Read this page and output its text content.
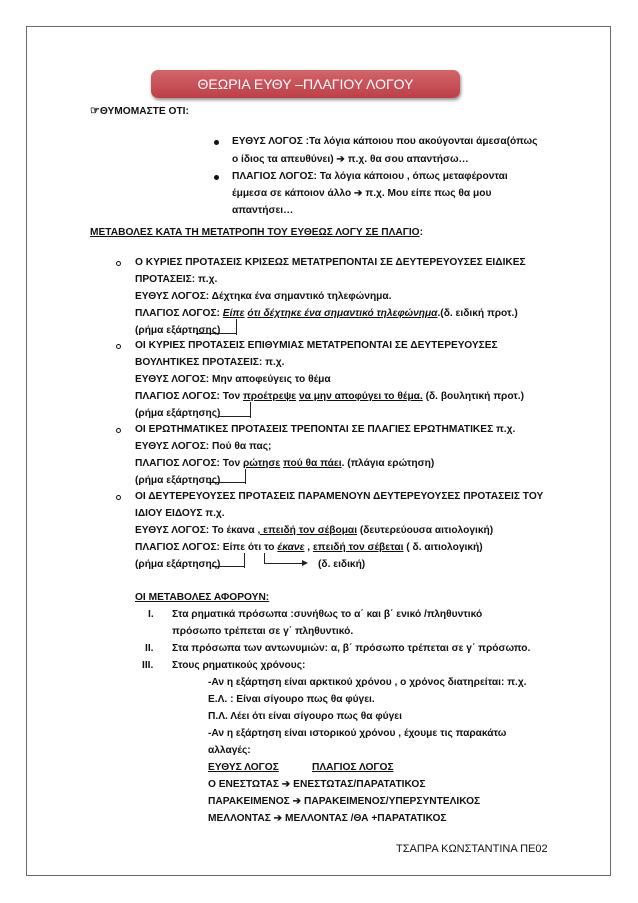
ΘΕΩΡΙΑ ΕΥΘΥ –ΠΛΑΓΙΟΥ ΛΟΓΟΥ
☞ΘΥΜΟΜΑΣΤΕ ΟΤΙ:
ΕΥΘΥΣ ΛΟΓΟΣ :Τα λόγια κάποιου που ακούγονται άμεσα(όπως
ο ίδιος τα απευθύνει) ➔ π.χ. θα σου απαντήσω…
ΠΛΑΓΙΟΣ ΛΟΓΟΣ: Τα λόγια κάποιου , όπως μεταφέρονται
έμμεσα σε κάποιον άλλο ➔ π.χ. Μου είπε πως θα μου
απαντήσει…
ΜΕΤΑΒΟΛΕΣ ΚΑΤΑ ΤΗ ΜΕΤΑΤΡΟΠΗ ΤΟΥ ΕΥΘΕΩΣ ΛΟΓΥ ΣΕ ΠΛΑΓΙΟ:
Ο ΚΥΡΙΕΣ ΠΡΟΤΑΣΕΙΣ ΚΡΙΣΕΩΣ ΜΕΤΑΤΡΕΠΟΝΤΑΙ ΣΕ ΔΕΥΤΕΡΕΥΟΥΣΕΣ ΕΙΔΙΚΕΣ
ΠΡΟΤΑΣΕΙΣ: π.χ.
ΕΥΘΥΣ ΛΟΓΟΣ: Δέχτηκα ένα σημαντικό τηλεφώνημα.
ΠΛΑΓΙΟΣ ΛΟΓΟΣ: Είπε ότι δέχτηκε ένα σημαντικό τηλεφώνημα.(δ. ειδική προτ.)
(ρήμα εξάρτησης)
ΟΙ ΚΥΡΙΕΣ ΠΡΟΤΑΣΕΙΣ ΕΠΙΘΥΜΙΑΣ ΜΕΤΑΤΡΕΠΟΝΤΑΙ ΣΕ ΔΕΥΤΕΡΕΥΟΥΣΕΣ
ΒΟΥΛΗΤΙΚΕΣ ΠΡΟΤΑΣΕΙΣ: π.χ.
ΕΥΘΥΣ ΛΟΓΟΣ: Μην αποφεύγεις το θέμα
ΠΛΑΓΙΟΣ ΛΟΓΟΣ: Τον προέτρεψε να μην αποφύγει το θέμα. (δ. βουλητική προτ.)
(ρήμα εξάρτησης)
ΟΙ ΕΡΩΤΗΜΑΤΙΚΕΣ ΠΡΟΤΑΣΕΙΣ ΤΡΕΠΟΝΤΑΙ ΣΕ ΠΛΑΓΙΕΣ ΕΡΩΤΗΜΑΤΙΚΕΣ π.χ.
ΕΥΘΥΣ ΛΟΓΟΣ: Πού θα πας;
ΠΛΑΓΙΟΣ ΛΟΓΟΣ: Τον ρώτησε πού θα πάει. (πλάγια ερώτηση)
(ρήμα εξάρτησης)
ΟΙ ΔΕΥΤΕΡΕΥΟΥΣΕΣ ΠΡΟΤΑΣΕΙΣ ΠΑΡΑΜΕΝΟΥΝ ΔΕΥΤΕΡΕΥΟΥΣΕΣ ΠΡΟΤΑΣΕΙΣ ΤΟΥ
ΙΔΙΟΥ ΕΙΔΟΥΣ π.χ.
ΕΥΘΥΣ ΛΟΓΟΣ: Το έκανα , επειδή τον σέβομαι (δευτερεύουσα αιτιολογική)
ΠΛΑΓΙΟΣ ΛΟΓΟΣ: Είπε ότι το έκανε , επειδή τον σέβεται ( δ. αιτιολογική)
(ρήμα εξάρτησης)	(δ. ειδική)
ΟΙ ΜΕΤΑΒΟΛΕΣ ΑΦΟΡΟΥΝ:
I. Στα ρηματικά πρόσωπα :συνήθως το α΄ και β΄ ενικό /πληθυντικό
πρόσωπο τρέπεται σε γ΄ πληθυντικό.
II. Στα πρόσωπα των αντωνυμιών: α, β΄ πρόσωπο τρέπεται σε γ΄ πρόσωπο.
III. Στους ρηματικούς χρόνους:
-Αν η εξάρτηση είναι αρκτικού χρόνου , ο χρόνος διατηρείται: π.χ.
Ε.Λ. : Είναι σίγουρο πως θα φύγει.
Π.Λ. Λέει ότι είναι σίγουρο πως θα φύγει
-Αν η εξάρτηση είναι ιστορικού χρόνου , έχουμε τις παρακάτω
αλλαγές:
ΕΥΘΥΣ ΛΟΓΟΣ	ΠΛΑΓΙΟΣ ΛΟΓΟΣ
Ο ΕΝΕΣΤΩΤΑΣ ➔ ΕΝΕΣΤΩΤΑΣ/ΠΑΡΑΤΑΤΙΚΟΣ
ΠΑΡΑΚΕΙΜΕΝΟΣ ➔ ΠΑΡΑΚΕΙΜΕΝΟΣ/ΥΠΕΡΣΥΝΤΕΛΙΚΟΣ
ΜΕΛΛΟΝΤΑΣ ➔ ΜΕΛΛΟΝΤΑΣ /ΘΑ +ΠΑΡΑΤΑΤΙΚΟΣ
ΤΣΑΠΡΑ ΚΩΝΣΤΑΝΤΙΝΑ ΠΕ02
